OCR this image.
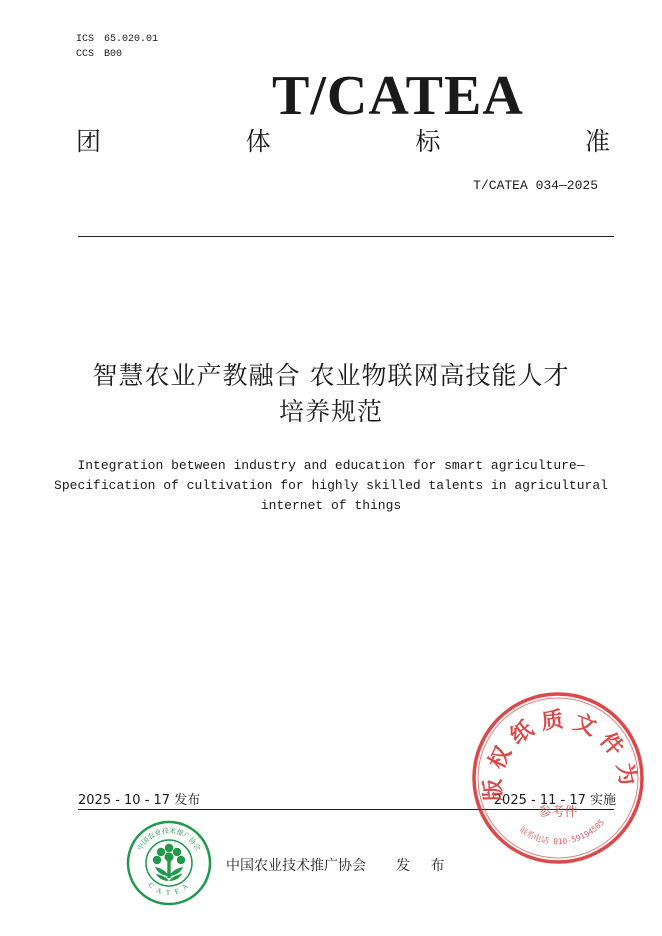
ICS 65.020.01
CCS B00
T/CATEA
团	体	标	准
T/CATEA 034—2025
智慧农业产教融合 农业物联网高技能人才
培养规范
Integration between industry and education for smart agriculture—
Specification of cultivation for highly skilled talents in agricultural
internet of things
2025 - 10 - 17 发布	2025 - 11 - 17 实施
中国农业技术推广协会
C A T E A
中国农业技术推广协会 发 布
版 权 纸 质 文 件 为
参考件
联系电话 010-59194505
